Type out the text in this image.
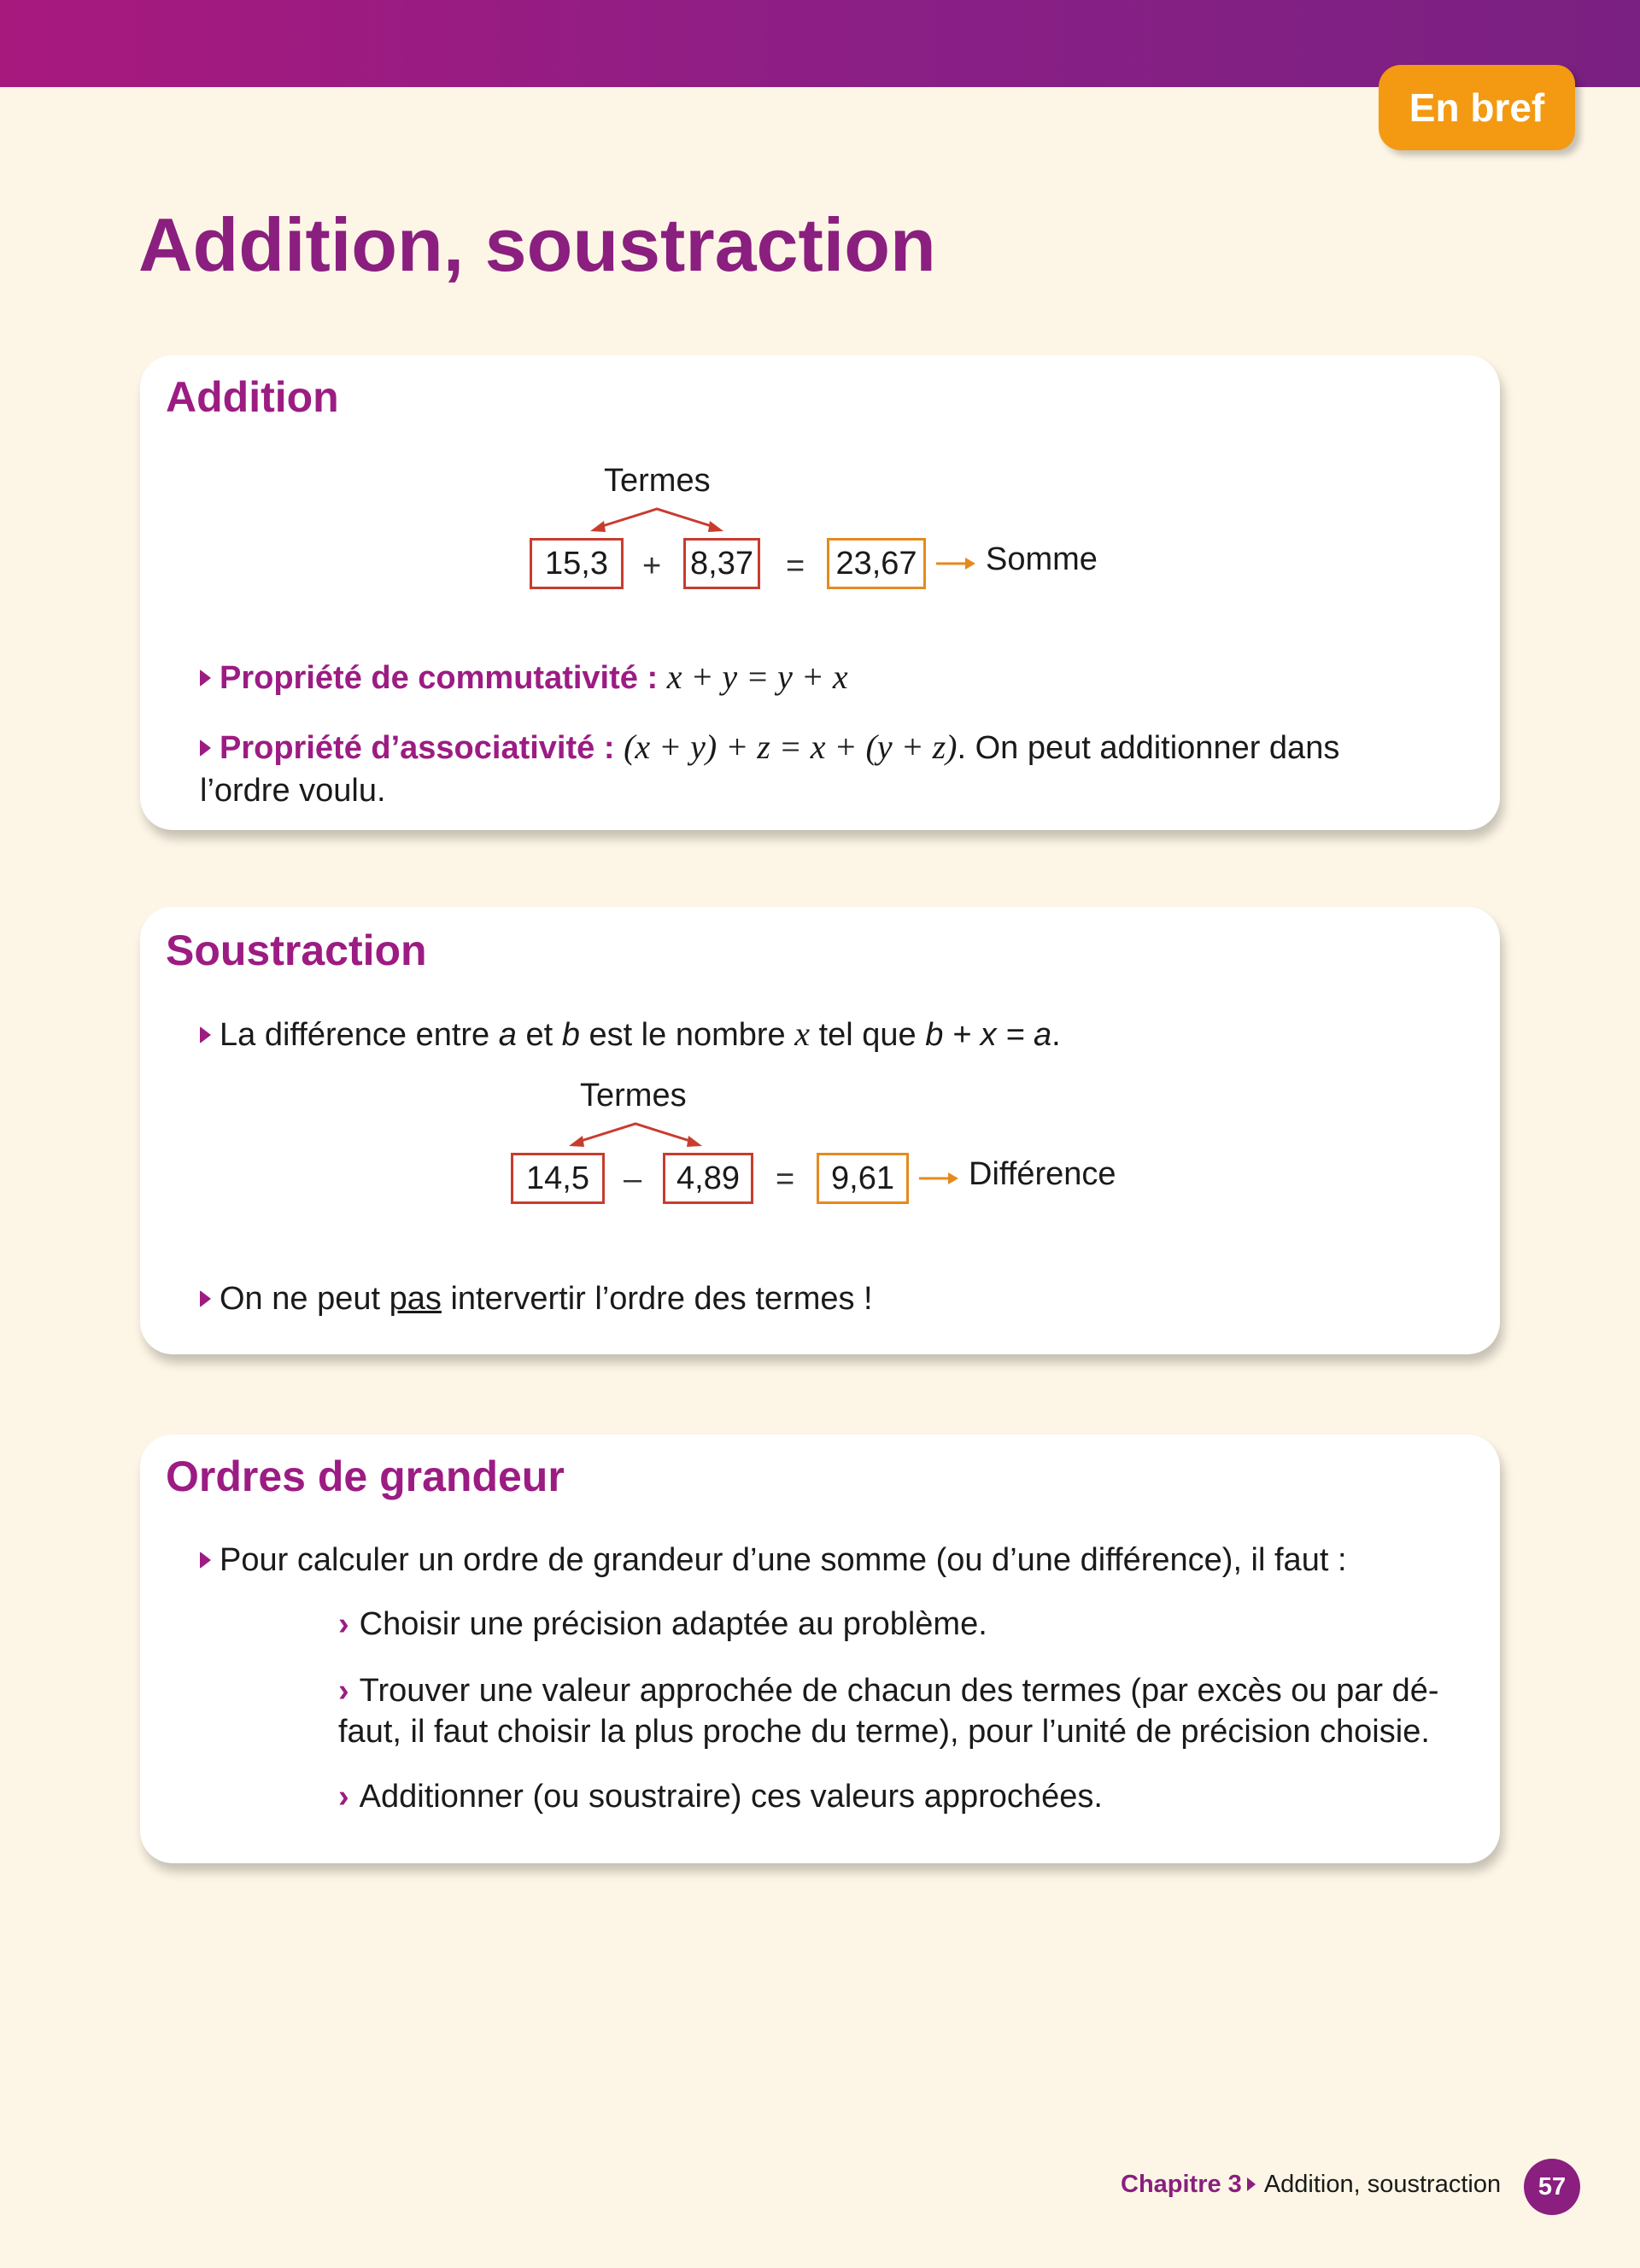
En bref
Addition, soustraction
Addition
Termes
15,3	+ 8,37 = 23,67 Somme
Propriété de commutativité : x + y = y + x
Propriété d’associativité : (x + y) + z = x + (y + z). On peut additionner dans l’ordre voulu.
Soustraction
La différence entre a et b est le nombre x tel que b + x = a.
Termes
14,5	–	4,89	=	9,61	Différence
On ne peut pas intervertir l’ordre des termes !
Ordres de grandeur
Pour calculer un ordre de grandeur d’une somme (ou d’une différence), il faut :
› Choisir une précision adaptée au problème.
› Trouver une valeur approchée de chacun des termes (par excès ou par dé-
faut, il faut choisir la plus proche du terme), pour l’unité de précision choisie.
› Additionner (ou soustraire) ces valeurs approchées.
Chapitre 3 Addition, soustraction	57
